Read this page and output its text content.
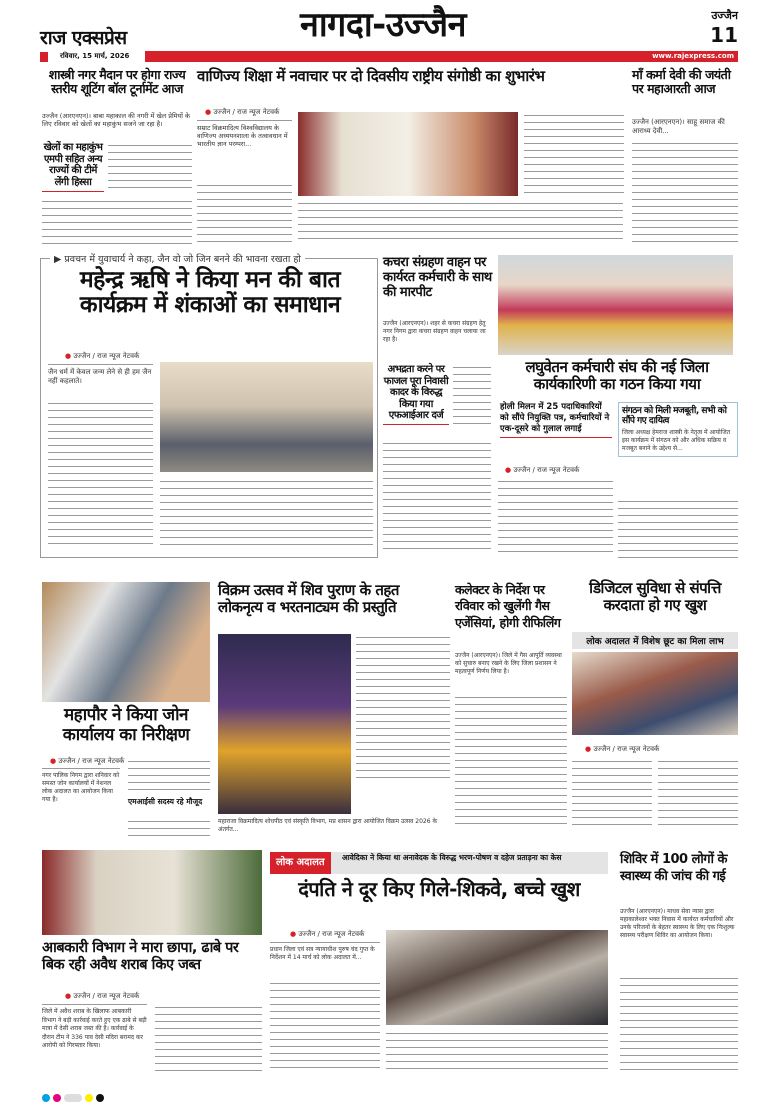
राज एक्सप्रेस
रविवार, 15 मार्च, 2026
नागदा-उज्जैन
www.rajexpress.com
उज्जैन
11
शास्त्री नगर मैदान पर होगा राज्य स्तरीय शूटिंग बॉल टूर्नामेंट आज
उज्जैन (आरएनएन)। बाबा महाकाल की नगरी में खेल प्रेमियों के लिए रविवार को खेलों का महाकुंभ सजने जा रहा है।
खेलों का महाकुंभ एमपी सहित अन्य राज्यों की टीमें लेंगी हिस्सा
वाणिज्य शिक्षा में नवाचार पर दो दिवसीय राष्ट्रीय संगोष्ठी का शुभारंभ
● उज्जैन / राज न्यूज नेटवर्क
सम्राट विक्रमादित्य विश्वविद्यालय के वाणिज्य अध्ययनशाला के तत्वावधान में भारतीय ज्ञान परम्परा...
माँ कर्मा देवी की जयंती पर महाआरती आज
उज्जैन (आरएनएन)। साहू समाज की आराध्य देवी...
▶ प्रवचन में युवाचार्य ने कहा, जैन वो जो जिन बनने की भावना रखता हो
महेन्द्र ऋषि ने किया मन की बात कार्यक्रम में शंकाओं का समाधान
● उज्जैन / राज न्यूज नेटवर्क
जैन धर्म में केवल जन्म लेने से ही हम जैन नहीं कहलाते।
कचरा संग्रहण वाहन पर कार्यरत कर्मचारी के साथ की मारपीट
उज्जैन (आरएनएन)। शहर से कचरा संग्रहण हेतु नगर निगम द्वारा कचरा संग्रहण वाहन चलाया जा रहा है।
अभद्रता करने पर फाजल पूरा निवासी कादर के विरुद्ध किया गया एफआईआर दर्ज
लघुवेतन कर्मचारी संघ की नई जिला कार्यकारिणी का गठन किया गया
होली मिलन में 25 पदाधिकारियों को सौंपे नियुक्ति पत्र, कर्मचारियों ने एक-दूसरे को गुलाल लगाई
● उज्जैन / राज न्यूज नेटवर्क
संगठन को मिली मजबूती, सभी को सौंपे गए दायित्व
जिला अध्यक्ष हेमराज शास्त्री के नेतृत्व में आयोजित इस कार्यक्रम में संगठन को और अधिक सक्रिय व मजबूत बनाने के उद्देश्य से...
महापौर ने किया जोन कार्यालय का निरीक्षण
● उज्जैन / राज न्यूज नेटवर्क
नगर पालिक निगम द्वारा शनिवार को समस्त जोन कार्यालयों में नेशनल लोक अदालत का आयोजन किया गया है।	एमआईसी सदस्य रहे मौजूद
विक्रम उत्सव में शिव पुराण के तहत लोकनृत्य व भरतनाट्यम की प्रस्तुति
महाराजा विक्रमादित्य शोधपीठ एवं संस्कृति विभाग, मप्र शासन द्वारा आयोजित विक्रम उत्सव 2026 के अंतर्गत...
कलेक्टर के निर्देश पर रविवार को खुलेंगी गैस एजेंसियां, होगी रीफिलिंग
उज्जैन (आरएनएन)। जिले में गैस आपूर्ति व्यवस्था को सुचारु बनाए रखने के लिए जिला प्रशासन ने महत्वपूर्ण निर्णय लिया है।
डिजिटल सुविधा से संपत्ति करदाता हो गए खुश
लोक अदालत में विशेष छूट का मिला लाभ
● उज्जैन / राज न्यूज नेटवर्क
आबकारी विभाग ने मारा छापा, ढाबे पर बिक रही अवैध शराब किए जब्त
● उज्जैन / राज न्यूज नेटवर्क
जिले में अवैध शराब के खिलाफ आबकारी विभाग ने बड़ी कार्रवाई करते हुए एक ढाबे से बड़ी मात्रा में देसी शराब जब्त की है। कार्रवाई के दौरान टीम ने 336 पाव देसी मदिरा बरामद कर आरोपी को गिरफ्तार किया।
लोक अदालत	आवेदिका ने किया था अनावेदक के विरुद्ध भरण-पोषण व दहेज प्रताड़ना का केस
दंपति ने दूर किए गिले-शिकवे, बच्चे खुश
● उज्जैन / राज न्यूज नेटवर्क
प्रधान जिला एवं सत्र न्यायाधीश पुरुष चंद गुप्त के निर्देशन में 14 मार्च को लोक अदालत में...
शिविर में 100 लोगों के स्वास्थ्य की जांच की गई
उज्जैन (आरएनएन)। माधव सेवा न्यास द्वारा महाकालेश्वर भक्त निवास में कार्यरत कर्मचारियों और उनके परिजनों के बेहतर स्वास्थ्य के लिए एक निःशुल्क स्वास्थ्य परीक्षण शिविर का आयोजन किया।
